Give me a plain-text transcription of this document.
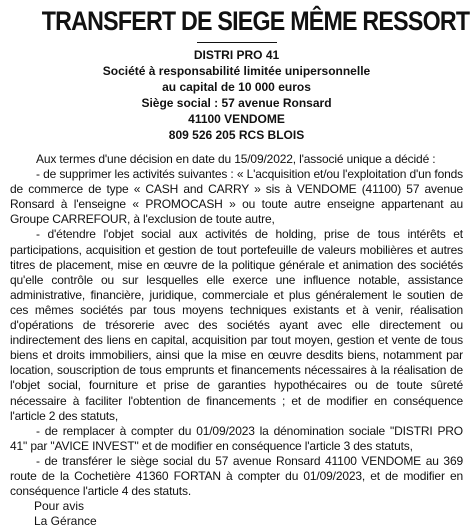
TRANSFERT DE SIEGE MÊME RESSORT
DISTRI PRO 41
Société à responsabilité limitée unipersonnelle
au capital de 10 000 euros
Siège social : 57 avenue Ronsard
41100 VENDOME
809 526 205 RCS BLOIS

Aux termes d'une décision en date du 15/09/2022, l'associé unique a décidé :

- de supprimer les activités suivantes : « L'acquisition et/ou l'exploitation d'un fonds de commerce de type « CASH and CARRY » sis à VENDOME (41100) 57 avenue Ronsard à l'enseigne « PROMOCASH » ou toute autre enseigne appartenant au Groupe CARREFOUR, à l'exclusion de toute autre,

- d'étendre l'objet social aux activités de holding, prise de tous intérêts et participations, acquisition et gestion de tout portefeuille de valeurs mobilières et autres titres de placement, mise en œuvre de la politique générale et animation des sociétés qu'elle contrôle ou sur lesquelles elle exerce une influence notable, assistance administrative, financière, juridique, commerciale et plus généralement le soutien de ces mêmes sociétés par tous moyens techniques existants et à venir, réalisation d'opérations de trésorerie avec des sociétés ayant avec elle directement ou indirectement des liens en capital, acquisition par tout moyen, gestion et vente de tous biens et droits immobiliers, ainsi que la mise en œuvre desdits biens, notamment par location, souscription de tous emprunts et financements nécessaires à la réalisation de l'objet social, fourniture et prise de garanties hypothécaires ou de toute sûreté nécessaire à faciliter l'obtention de financements ; et de modifier en conséquence l'article 2 des statuts,

- de remplacer à compter du 01/09/2023 la dénomination sociale "DISTRI PRO 41" par "AVICE INVEST" et de modifier en conséquence l'article 3 des statuts,

- de transférer le siège social du 57 avenue Ronsard 41100 VENDOME au 369 route de la Cochetière 41360 FORTAN à compter du 01/09/2023, et de modifier en conséquence l'article 4 des statuts.

Pour avis
La Gérance
